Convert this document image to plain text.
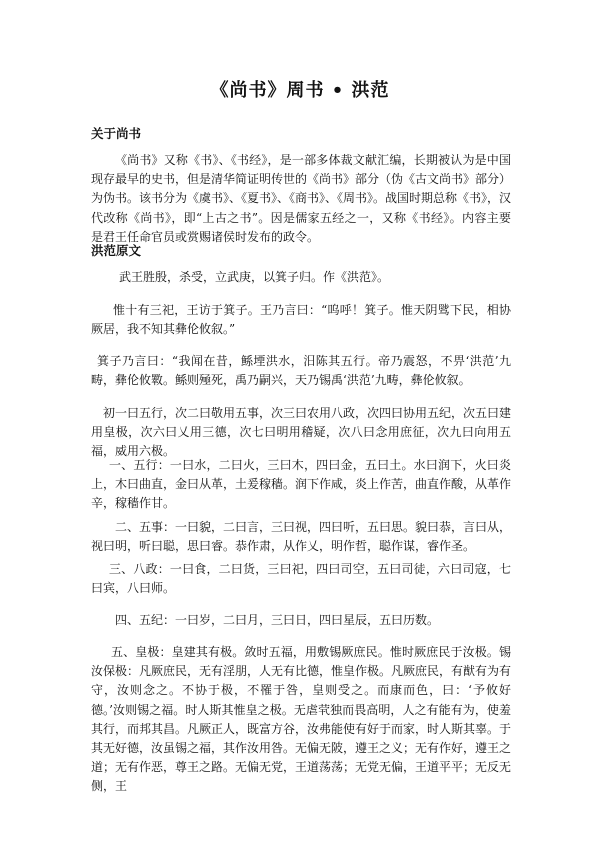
《尚书》周书 • 洪范
关于尚书

《尚书》又称《书》、《书经》，是一部多体裁文献汇编，长期被认为是中国现存最早的史书，但是清华简证明传世的《尚书》部分（伪《古文尚书》部分）为伪书。该书分为《虞书》、《夏书》、《商书》、《周书》。战国时期总称《书》，汉代改称《尚书》，即“上古之书”。因是儒家五经之一，又称《书经》。内容主要是君王任命官员或赏赐诸侯时发布的政令。

洪范原文

武王胜殷，杀受，立武庚，以箕子归。作《洪范》。

惟十有三祀，王访于箕子。王乃言曰：“呜呼！箕子。惟天阴骘下民，相协厥居，我不知其彝伦攸叙。”

箕子乃言曰：“我闻在昔，鲧堙洪水，汨陈其五行。帝乃震怒，不畀‘洪范’九畴，彝伦攸斁。鲧则殛死，禹乃嗣兴，天乃锡禹‘洪范’九畴，彝伦攸叙。

初一曰五行，次二曰敬用五事，次三曰农用八政，次四曰协用五纪，次五曰建用皇极，次六曰乂用三德，次七曰明用稽疑，次八曰念用庶征，次九曰向用五福，威用六极。

一、五行：一曰水，二曰火，三曰木，四曰金，五曰土。水曰润下，火曰炎上，木曰曲直，金曰从革，土爰稼穑。润下作咸，炎上作苦，曲直作酸，从革作辛，稼穑作甘。

二、五事：一曰貌，二曰言，三曰视，四曰听，五曰思。貌曰恭，言曰从，视曰明，听曰聪，思曰睿。恭作肃，从作乂，明作哲，聪作谋，睿作圣。

三、八政：一曰食，二曰货，三曰祀，四曰司空，五曰司徒，六曰司寇，七曰宾，八曰师。

四、五纪：一曰岁，二曰月，三曰日，四曰星辰，五曰历数。

五、皇极：皇建其有极。敛时五福，用敷锡厥庶民。惟时厥庶民于汝极。锡汝保极：凡厥庶民，无有淫朋，人无有比德，惟皇作极。凡厥庶民，有猷有为有守，汝则念之。不协于极，不罹于咎，皇则受之。而康而色，曰：‘予攸好德。’汝则锡之福。时人斯其惟皇之极。无虐茕独而畏高明，人之有能有为，使羞其行，而邦其昌。凡厥正人，既富方谷，汝弗能使有好于而家，时人斯其辜。于其无好德，汝虽锡之福，其作汝用咎。无偏无陂，遵王之义；无有作好，遵王之道；无有作恶，尊王之路。无偏无党，王道荡荡；无党无偏，王道平平；无反无侧，王
